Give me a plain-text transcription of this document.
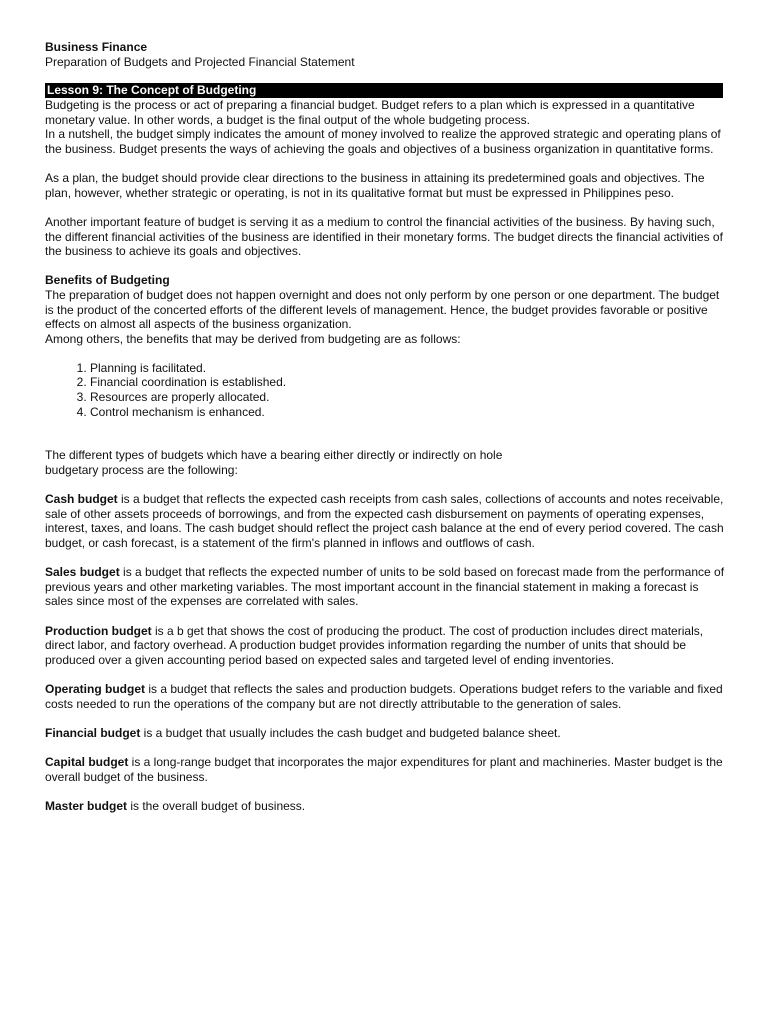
Business Finance

Preparation of Budgets and Projected Financial Statement

Lesson 9: The Concept of Budgeting

Budgeting is the process or act of preparing a financial budget. Budget refers to a plan which is expressed in a quantitative monetary value. In other words, a budget is the final output of the whole budgeting process.

In a nutshell, the budget simply indicates the amount of money involved to realize the approved strategic and operating plans of the business. Budget presents the ways of achieving the goals and objectives of a business organization in quantitative forms.

As a plan, the budget should provide clear directions to the business in attaining its predetermined goals and objectives. The plan, however, whether strategic or operating, is not in its qualitative format but must be expressed in Philippines peso.

Another important feature of budget is serving it as a medium to control the financial activities of the business. By having such, the different financial activities of the business are identified in their monetary forms. The budget directs the financial activities of the business to achieve its goals and objectives.

Benefits of Budgeting

The preparation of budget does not happen overnight and does not only perform by one person or one department. The budget is the product of the concerted efforts of the different levels of management. Hence, the budget provides favorable or positive effects on almost all aspects of the business organization.

Among others, the benefits that may be derived from budgeting are as follows:

1. Planning is facilitated.
2. Financial coordination is established.
3. Resources are properly allocated.
4. Control mechanism is enhanced.

The different types of budgets which have a bearing either directly or indirectly on hole budgetary process are the following:

Cash budget is a budget that reflects the expected cash receipts from cash sales, collections of accounts and notes receivable, sale of other assets proceeds of borrowings, and from the expected cash disbursement on payments of operating expenses, interest, taxes, and loans. The cash budget should reflect the project cash balance at the end of every period covered. The cash budget, or cash forecast, is a statement of the firm's planned in inflows and outflows of cash.

Sales budget is a budget that reflects the expected number of units to be sold based on forecast made from the performance of previous years and other marketing variables. The most important account in the financial statement in making a forecast is sales since most of the expenses are correlated with sales.

Production budget is a b get that shows the cost of producing the product. The cost of production includes direct materials, direct labor, and factory overhead. A production budget provides information regarding the number of units that should be produced over a given accounting period based on expected sales and targeted level of ending inventories.

Operating budget is a budget that reflects the sales and production budgets. Operations budget refers to the variable and fixed costs needed to run the operations of the company but are not directly attributable to the generation of sales.

Financial budget is a budget that usually includes the cash budget and budgeted balance sheet.

Capital budget is a long-range budget that incorporates the major expenditures for plant and machineries. Master budget is the overall budget of the business.

Master budget is the overall budget of business.
